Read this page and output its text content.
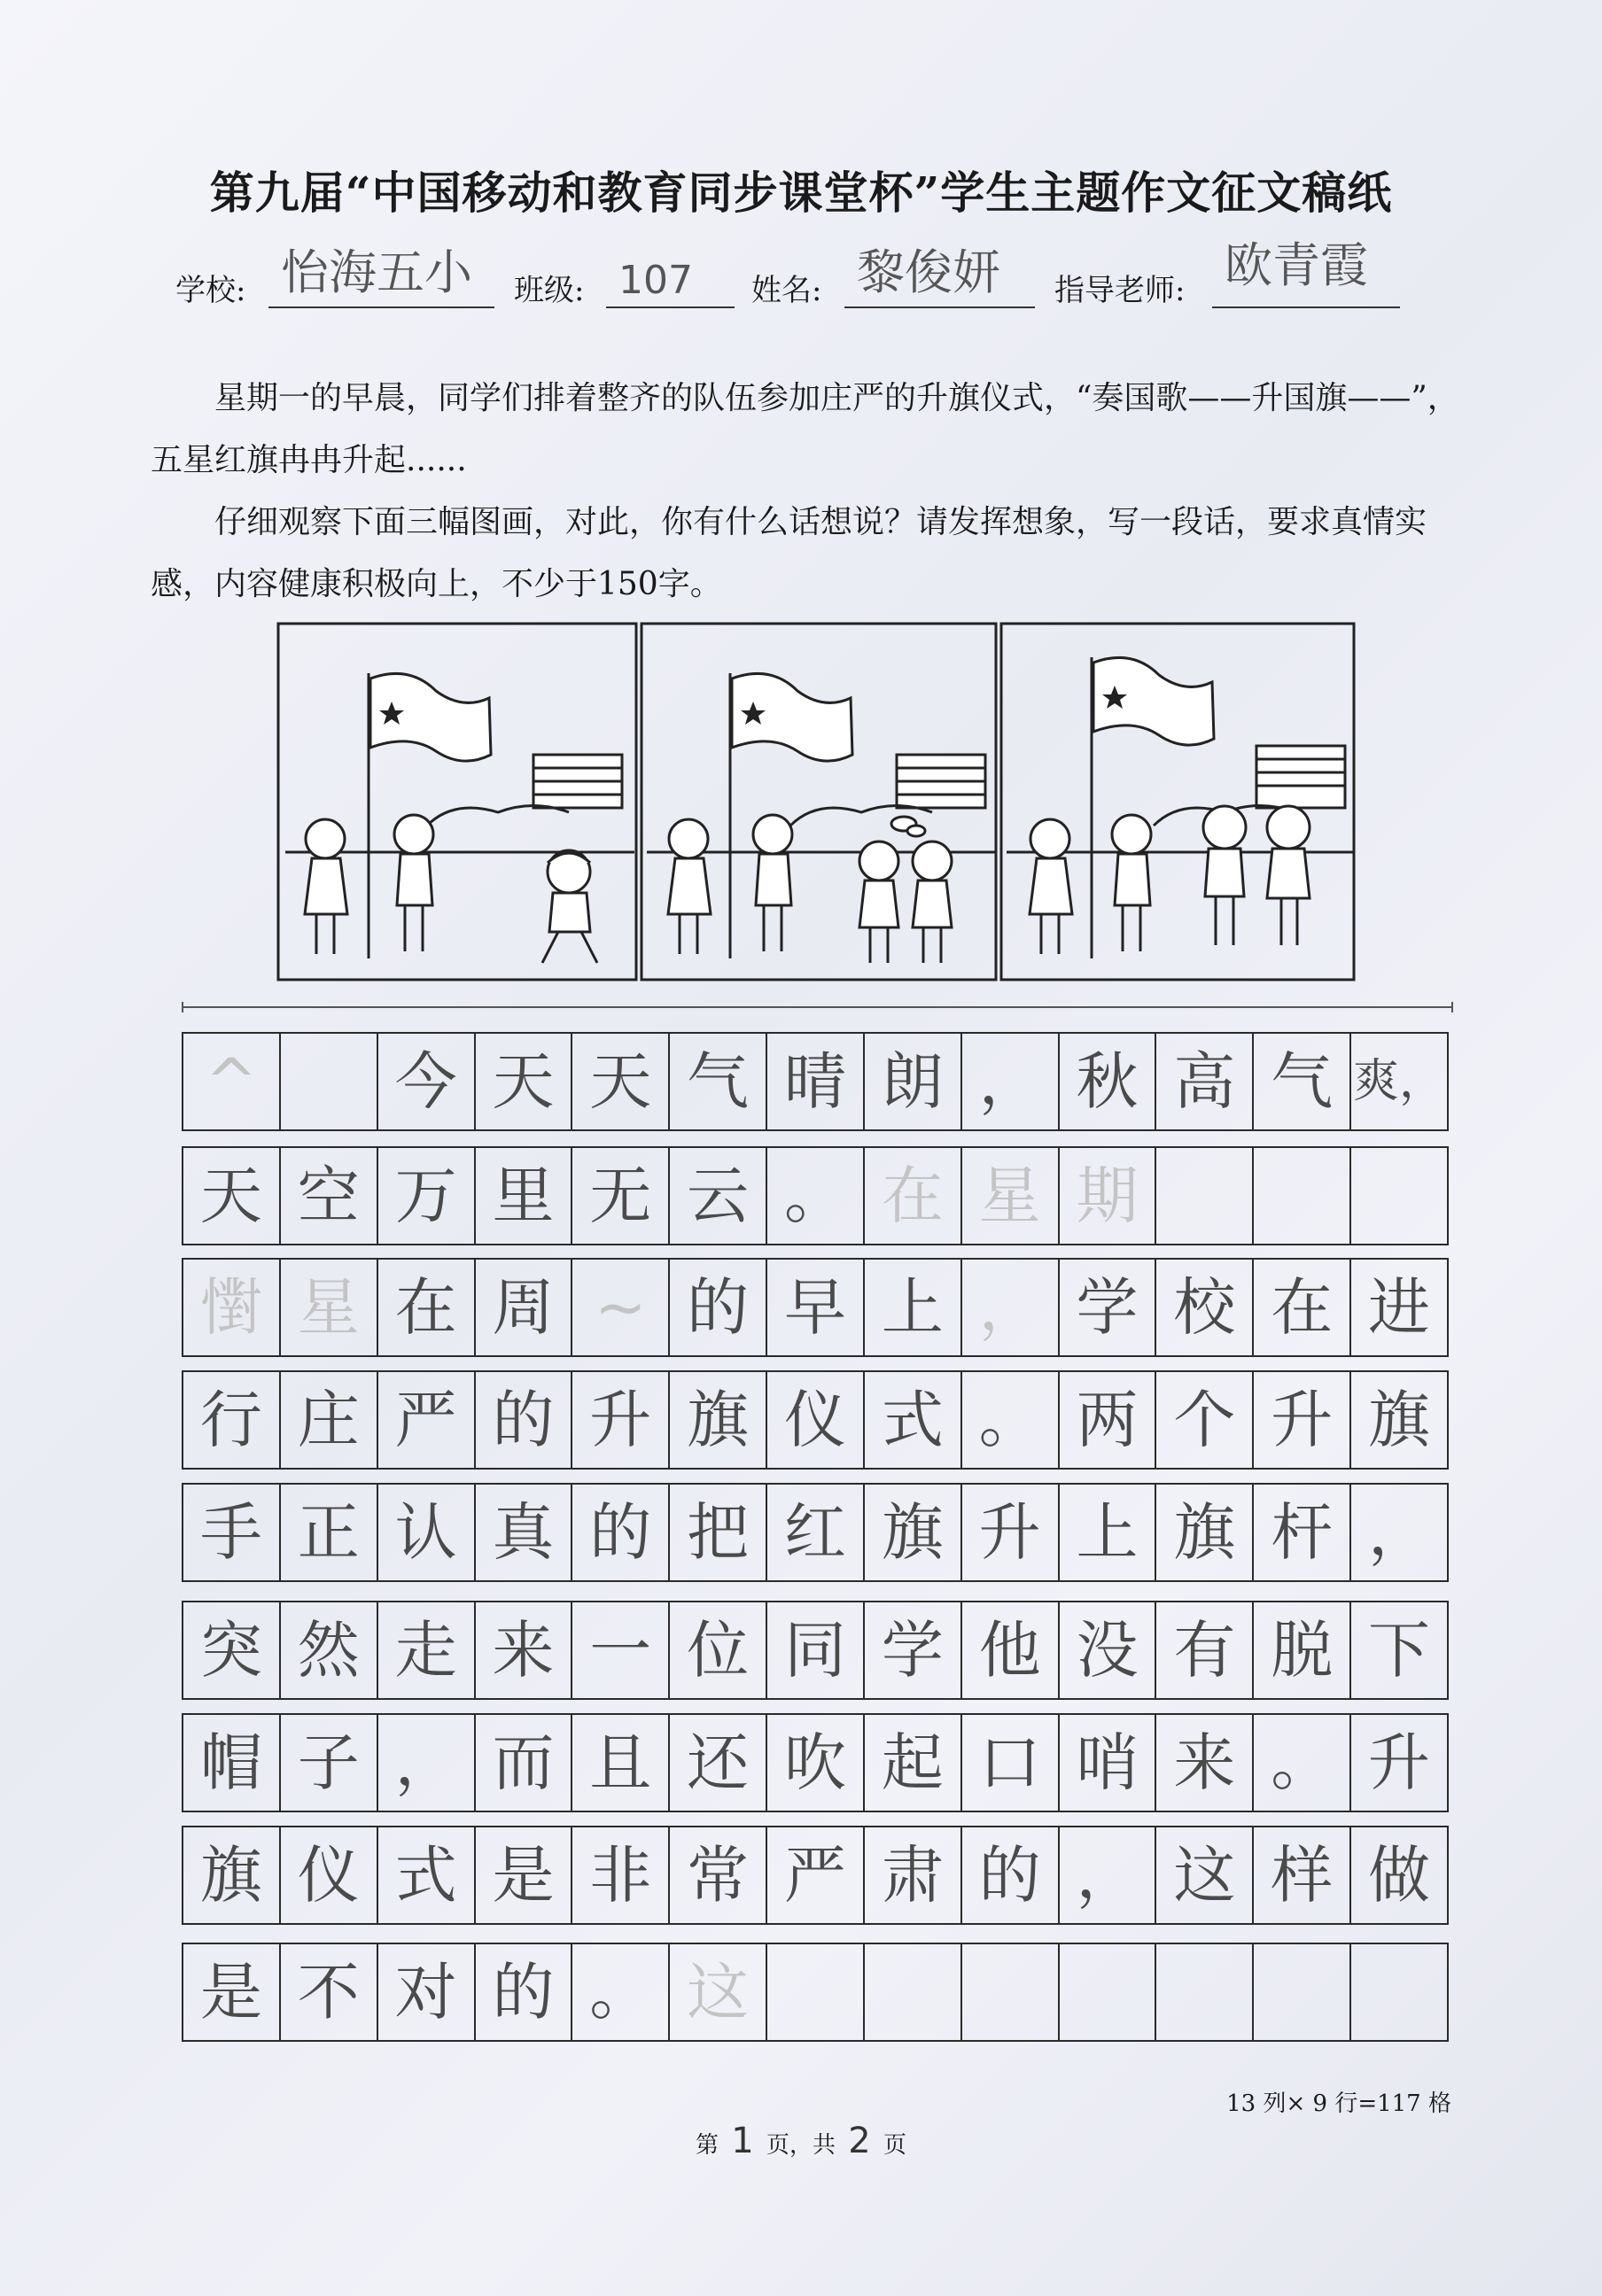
第九届“中国移动和教育同步课堂杯”学生主题作文征文稿纸
学校: 怡海五小 班级: 107 姓名: 黎俊妍 指导老师: 欧青霞

星期一的早晨，同学们排着整齐的队伍参加庄严的升旗仪式，“奏国歌——升国旗——”，五星红旗冉冉升起......

仔细观察下面三幅图画，对此，你有什么话想说？请发挥想象，写一段话，要求真情实感，内容健康积极向上，不少于150字。

^	今 天 天 气 晴 朗 ， 秋 高 气 爽，
天 空 万 里 无 云 。 在 星 期
㦠 星 在 周 ~ 的 早 上 ， 学 校 在 进
行 庄 严 的 升 旗 仪 式 。 两 个 升 旗
手 正 认 真 的 把 红 旗 升 上 旗 杆 ，
突 然 走 来 一 位 同 学 他 没 有 脱 下
帽 子 ， 而 且 还 吹 起 口 哨 来 。 升
旗 仪 式 是 非 常 严 肃 的 ， 这 样 做
是 不 对 的 。 这
13 列× 9 行=117 格
第 1 页，共 2 页
